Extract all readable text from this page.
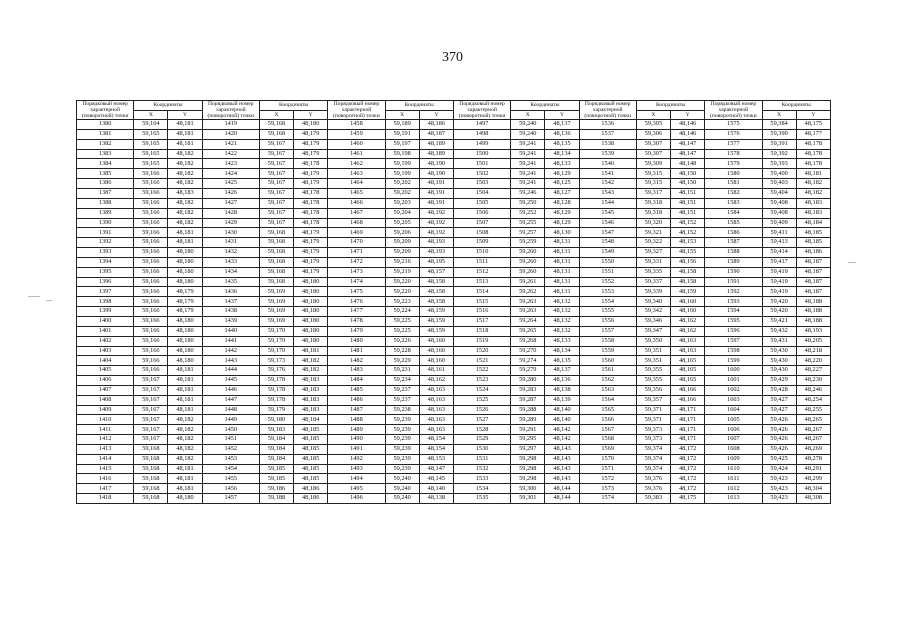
370
Порядковый номер характерной (поворотной) точки	Координаты		Порядковый номер характерной (поворотной) точки	Координаты		Порядковый номер характерной (поворотной) точки	Координаты		Порядковый номер характерной (поворотной) точки	Координаты		Порядковый номер характерной (поворотной) точки	Координаты		Порядковый номер характерной (поворотной) точки	Координаты	
	X	Y		X	Y		X	Y		X	Y		X	Y		X	Y
1380	59,164	48,181	1419	59,168	48,180	1458	59,189	48,186	1497	59,240	48,137	1536	59,305	48,146	1575	59,384	48,175
1381	59,165	48,181	1420	59,168	48,179	1459	59,191	48,187	1498	59,240	48,136	1537	59,306	48,146	1576	59,390	48,177
1382	59,165	48,181	1421	59,167	48,179	1460	59,197	48,189	1499	59,241	48,135	1538	59,307	48,147	1577	59,391	48,178
1383	59,165	48,182	1422	59,167	48,179	1461	59,198	48,189	1500	59,241	48,134	1539	59,307	48,147	1578	59,392	48,178
1384	59,165	48,182	1423	59,167	48,178	1462	59,199	48,190	1501	59,241	48,133	1540	59,309	48,148	1579	59,393	48,178
1385	59,166	48,182	1424	59,167	48,179	1463	59,199	48,190	1502	59,241	48,129	1541	59,315	48,150	1580	59,400	48,181
1386	59,166	48,182	1425	59,167	48,179	1464	59,202	48,191	1503	59,241	48,125	1542	59,315	48,150	1581	59,403	48,182
1387	59,166	48,183	1426	59,167	48,178	1465	59,202	48,191	1504	59,246	48,127	1543	59,317	48,151	1582	59,404	48,182
1388	59,166	48,182	1427	59,167	48,178	1466	59,203	48,191	1505	59,250	48,128	1544	59,318	48,151	1583	59,408	48,183
1389	59,166	48,182	1428	59,167	48,178	1467	59,204	48,192	1506	59,252	48,129	1545	59,318	48,151	1584	59,408	48,183
1390	59,166	48,182	1429	59,167	48,178	1468	59,205	48,192	1507	59,255	48,129	1546	59,320	48,152	1585	59,409	48,184
1391	59,166	48,181	1430	59,168	48,179	1469	59,206	48,192	1508	59,257	48,130	1547	59,321	48,152	1586	59,411	48,185
1392	59,166	48,181	1431	59,168	48,179	1470	59,209	48,193	1509	59,259	48,131	1548	59,322	48,153	1587	59,413	48,185
1393	59,166	48,180	1432	59,168	48,179	1471	59,209	48,193	1510	59,260	48,131	1549	59,327	48,155	1588	59,414	48,186
1394	59,166	48,180	1433	59,168	48,179	1472	59,216	48,195	1511	59,260	48,131	1550	59,331	48,156	1589	59,417	48,187
1395	59,166	48,180	1434	59,168	48,179	1473	59,219	48,157	1512	59,260	48,131	1551	59,335	48,158	1590	59,419	48,187
1396	59,166	48,180	1435	59,168	48,180	1474	59,220	48,158	1513	59,261	48,131	1552	59,337	48,158	1591	59,419	48,187
1397	59,166	48,179	1436	59,169	48,180	1475	59,220	48,158	1514	59,262	48,131	1553	59,339	48,159	1592	59,419	48,187
1398	59,166	48,179	1437	59,169	48,180	1476	59,223	48,158	1515	59,263	48,132	1554	59,340	48,160	1593	59,420	48,188
1399	59,166	48,179	1438	59,169	48,180	1477	59,224	48,159	1516	59,263	48,132	1555	59,342	48,160	1594	59,420	48,188
1400	59,166	48,180	1439	59,169	48,180	1478	59,225	48,159	1517	59,264	48,132	1556	59,346	48,162	1595	59,421	48,188
1401	59,166	48,180	1440	59,170	48,180	1479	59,225	48,159	1518	59,265	48,132	1557	59,347	48,162	1596	59,432	48,193
1402	59,166	48,180	1441	59,170	48,180	1480	59,226	48,160	1519	59,268	48,133	1558	59,350	48,163	1597	59,431	48,205
1403	59,166	48,180	1442	59,170	48,181	1481	59,228	48,160	1520	59,270	48,134	1559	59,351	48,163	1598	59,430	48,218
1404	59,166	48,180	1443	59,173	48,182	1482	59,229	48,160	1521	59,274	48,135	1560	59,351	48,165	1599	59,430	48,220
1405	59,166	48,181	1444	59,176	48,182	1483	59,231	48,161	1522	59,279	48,137	1561	59,355	48,165	1600	59,430	48,227
1406	59,167	48,181	1445	59,178	48,183	1484	59,234	48,162	1523	59,280	48,136	1562	59,355	48,165	1601	59,429	48,230
1407	59,167	48,181	1446	59,178	48,183	1485	59,237	48,163	1524	59,283	48,138	1563	59,356	48,166	1602	59,428	48,246
1408	59,167	48,181	1447	59,178	48,183	1486	59,237	48,163	1525	59,287	48,139	1564	59,357	48,166	1603	59,427	48,254
1409	59,167	48,181	1448	59,179	48,183	1487	59,238	48,163	1526	59,288	48,140	1565	59,371	48,171	1604	59,427	48,255
1410	59,167	48,182	1449	59,180	48,184	1488	59,239	48,163	1527	59,289	48,140	1566	59,371	48,171	1605	59,426	48,265
1411	59,167	48,182	1450	59,183	48,185	1489	59,239	48,163	1528	59,291	48,142	1567	59,373	48,171	1606	59,426	48,267
1412	59,167	48,182	1451	59,184	48,185	1490	59,239	48,154	1529	59,295	48,142	1568	59,373	48,171	1607	59,426	48,267
1413	59,168	48,182	1452	59,184	48,185	1491	59,239	48,154	1530	59,297	48,143	1569	59,374	48,172	1608	59,426	48,269
1414	59,168	48,182	1453	59,184	48,185	1492	59,239	48,153	1531	59,298	48,143	1570	59,374	48,172	1609	59,425	48,278
1415	59,168	48,181	1454	59,185	48,185	1493	59,239	48,147	1532	59,298	48,143	1571	59,374	48,172	1610	59,424	48,291
1416	59,168	48,181	1455	59,185	48,185	1494	59,240	48,145	1533	59,298	48,143	1572	59,376	48,172	1611	59,423	48,299
1417	59,168	48,181	1456	59,186	48,186	1495	59,240	48,140	1534	59,300	48,144	1573	59,376	48,172	1612	59,423	48,304
1418	59,168	48,180	1457	59,188	48,186	1496	59,240	48,138	1535	59,301	48,144	1574	59,383	48,175	1613	59,423	48,308
